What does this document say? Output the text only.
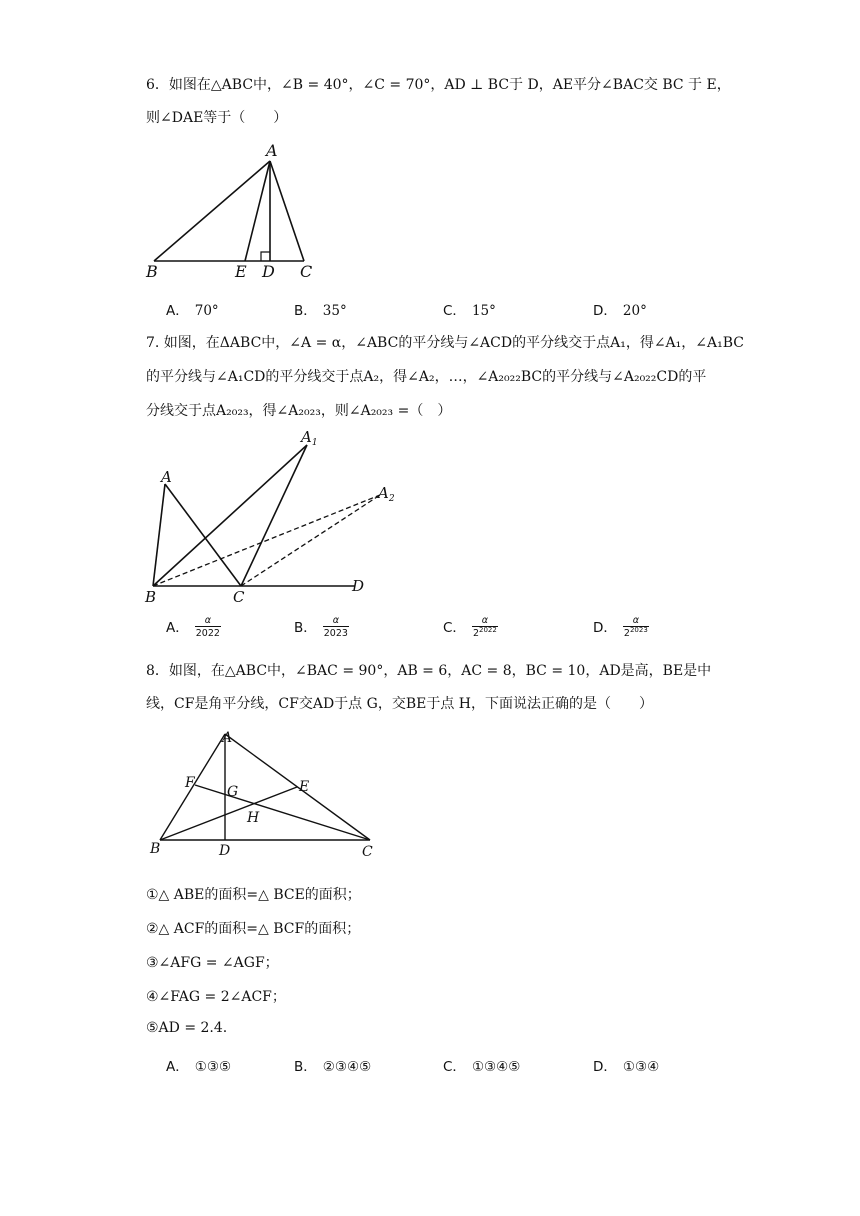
6．如图在△ABC中，∠B = 40°，∠C = 70°，AD ⊥ BC于 D，AE平分∠BAC交 BC 于 E，
则∠DAE等于（　　）
A
B	E D C
A． 70°	B． 35°	C． 15°	D． 20°
7. 如图，在ΔABC中，∠A = α，∠ABC的平分线与∠ACD的平分线交于点A₁，得∠A₁，∠A₁BC
的平分线与∠A₁CD的平分线交于点A₂，得∠A₂，…，∠A₂₀₂₂BC的平分线与∠A₂₀₂₂CD的平
分线交于点A₂₀₂₃，得∠A₂₀₂₃，则∠A₂₀₂₃ =（　）
A
$A_1$
$A_2$
B	C
D
A． $\frac{\alpha}{2022}$	B． $\frac{\alpha}{2023}$	C． $\frac{\alpha}{2^{2022}}$	D． $\frac{\alpha}{2^{2023}}$
8．如图，在△ABC中，∠BAC = 90°，AB = 6，AC = 8，BC = 10，AD是高，BE是中
线，CF是角平分线，CF交AD于点 G，交BE于点 H，下面说法正确的是（　　）
A
F
G	E
H
B	D	C
①△ ABE的面积=△ BCE的面积；
②△ ACF的面积=△ BCF的面积；
③∠AFG = ∠AGF；
④∠FAG = 2∠ACF；
⑤AD = 2.4.
A． ①③⑤	B． ②③④⑤	C． ①③④⑤	D． ①③④
